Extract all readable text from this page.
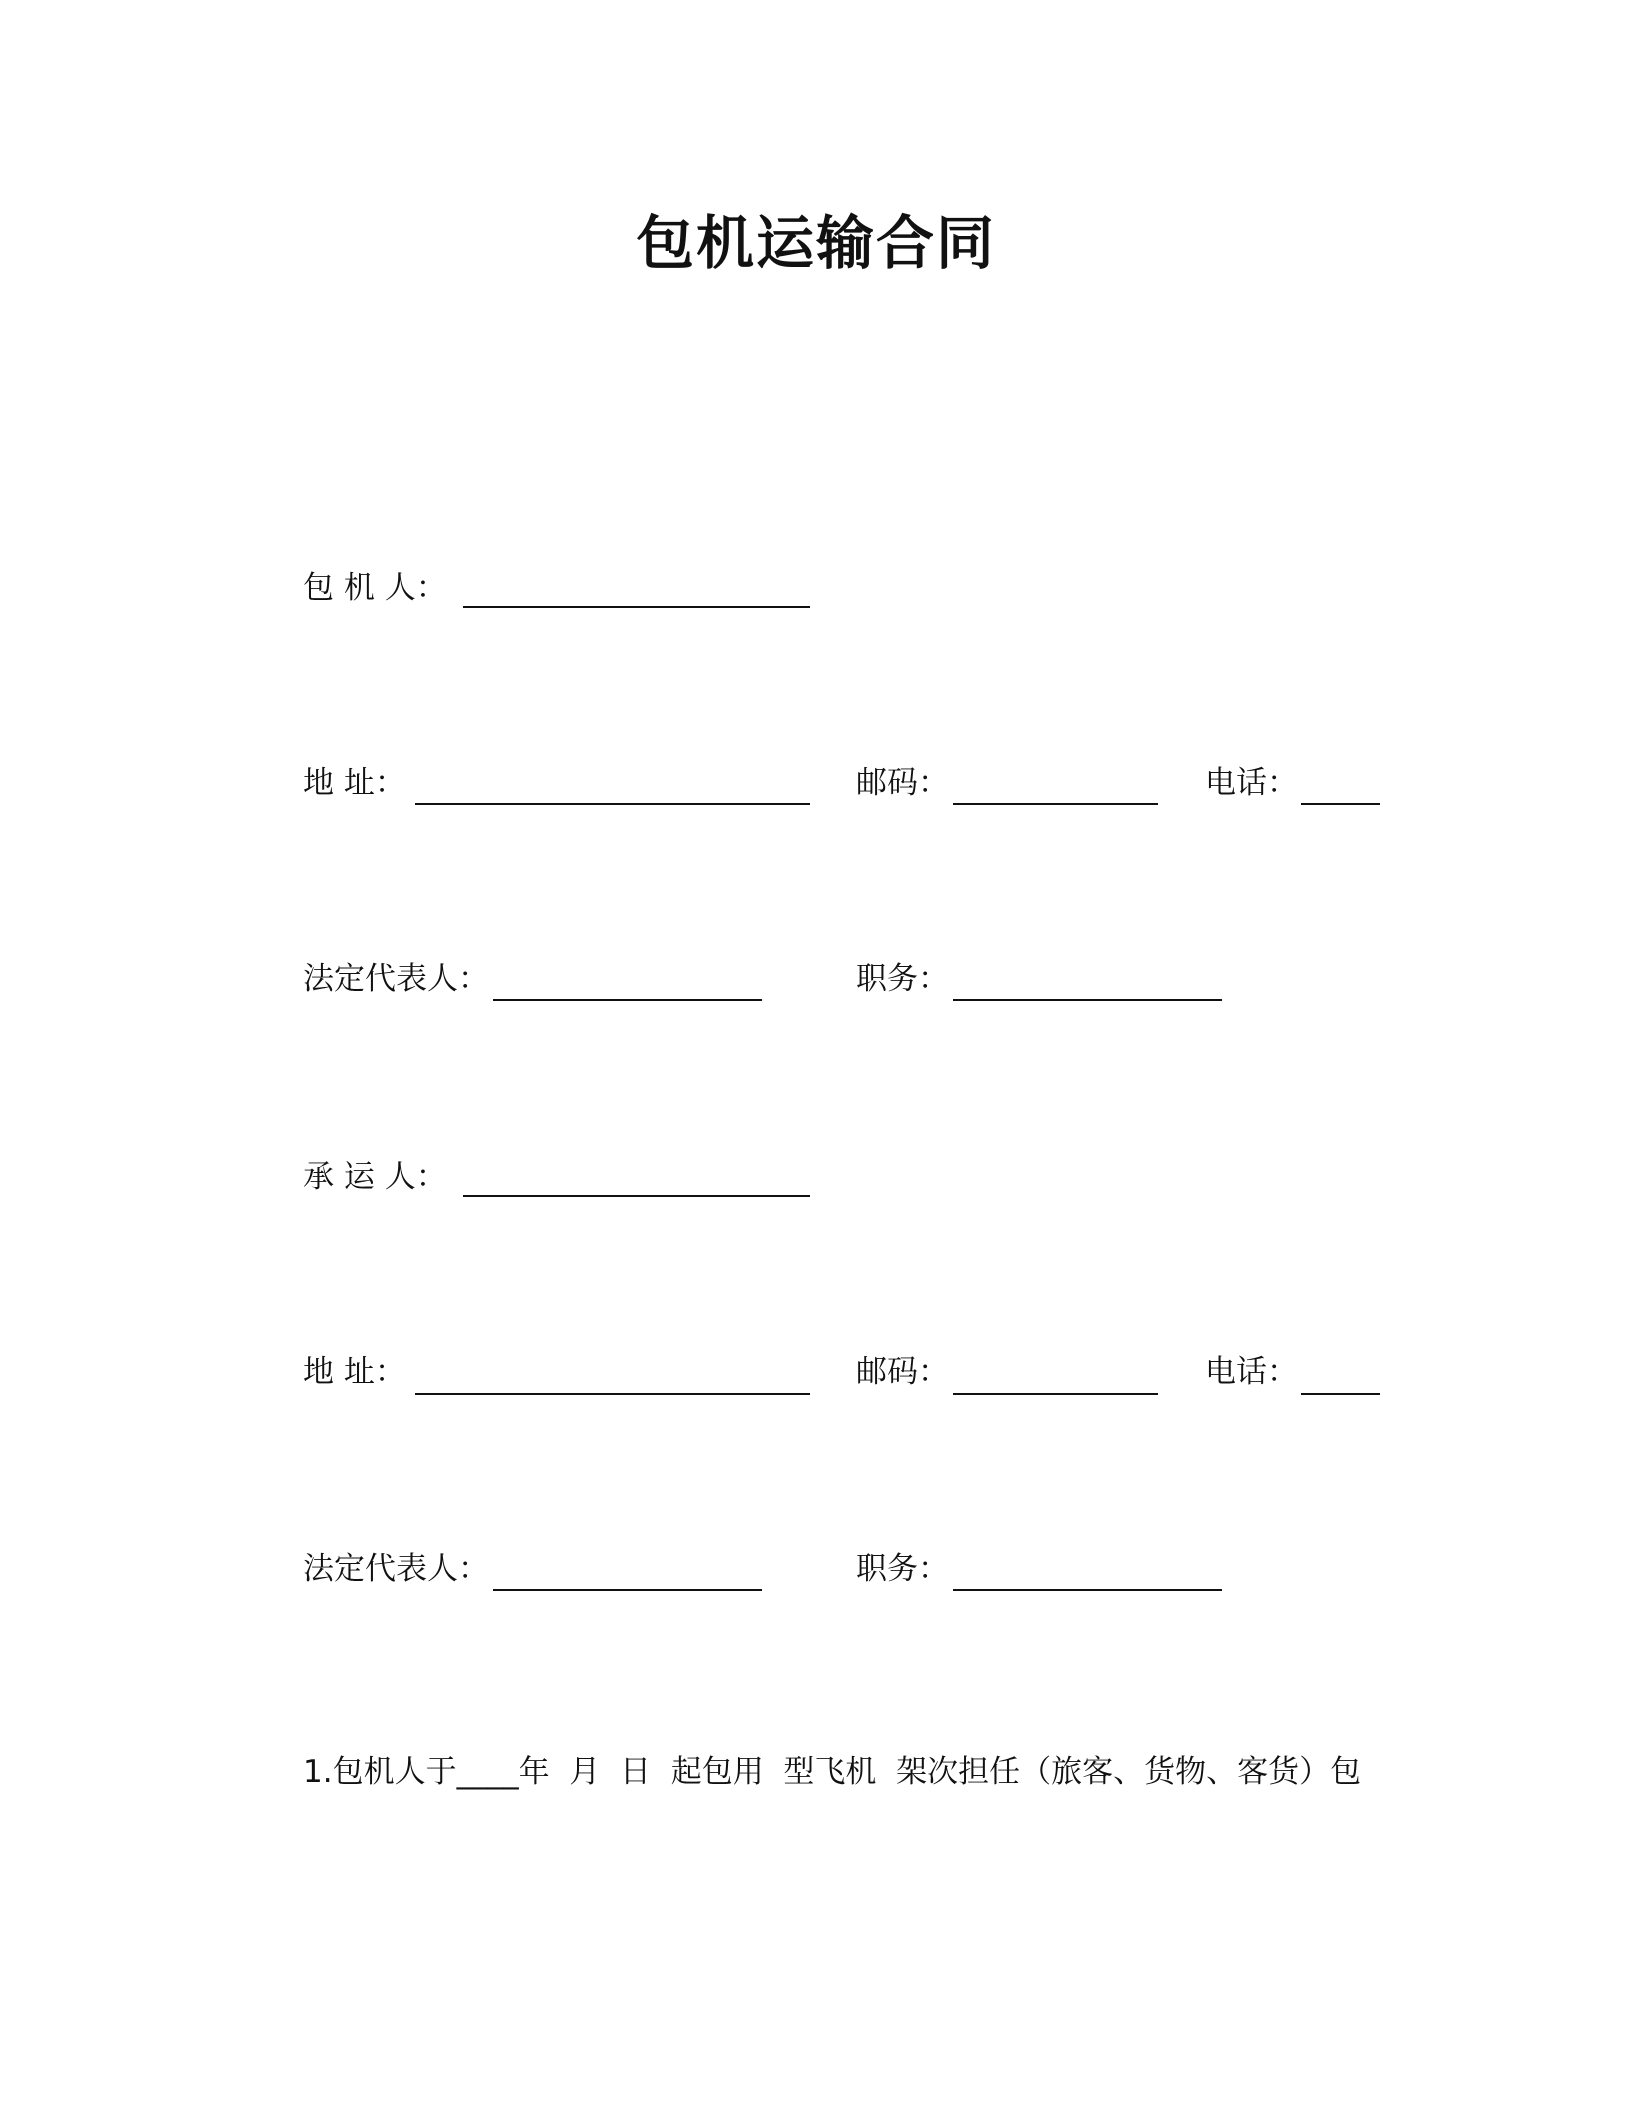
包机运输合同
包 机 人：
地 址：	邮码：	电话：
法定代表人：	职务：
承 运 人：
地 址：	邮码：	电话：
法定代表人：	职务：
1.包机人于____年  月  日  起包用  型飞机  架次担任（旅客、货物、客货）包
